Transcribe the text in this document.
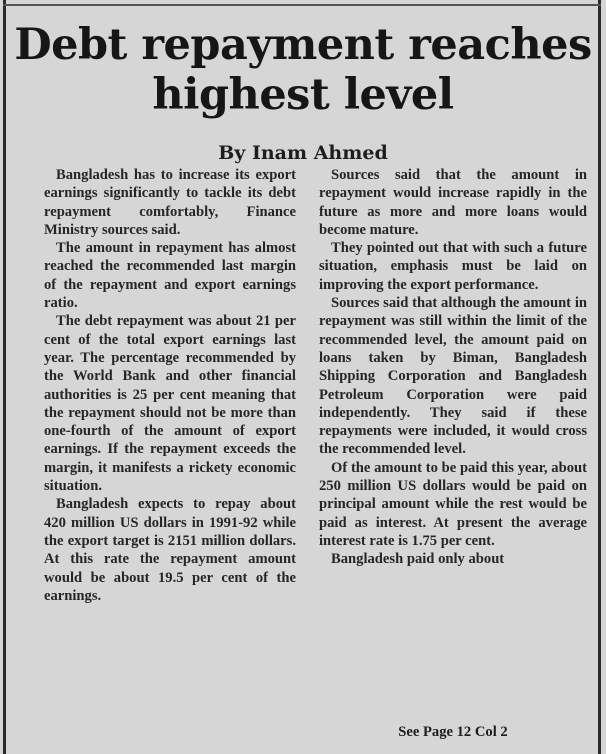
Debt repayment reaches
highest level
By Inam Ahmed

Bangladesh has to increase its export earnings significantly to tackle its debt repayment comfortably, Finance Ministry sources said.

The amount in repayment has almost reached the recommended last margin of the repayment and export earnings ratio.

The debt repayment was about 21 per cent of the total export earnings last year. The percentage recommended by the World Bank and other financial authorities is 25 per cent meaning that the repayment should not be more than one-fourth of the amount of export earnings. If the repayment exceeds the margin, it manifests a rickety economic situation.

Bangladesh expects to repay about 420 million US dollars in 1991-92 while the export target is 2151 million dollars. At this rate the repayment amount would be about 19.5 per cent of the earnings.

Sources said that the amount in repayment would increase rapidly in the future as more and more loans would become mature.

They pointed out that with such a future situation, emphasis must be laid on improving the export performance.

Sources said that although the amount in repayment was still within the limit of the recommended level, the amount paid on loans taken by Biman, Bangladesh Shipping Corporation and Bangladesh Petroleum Corporation were paid independently. They said if these repayments were included, it would cross the recommended level.

Of the amount to be paid this year, about 250 million US dollars would be paid on principal amount while the rest would be paid as interest. At present the average interest rate is 1.75 per cent.

Bangladesh paid only about

See Page 12 Col 2
